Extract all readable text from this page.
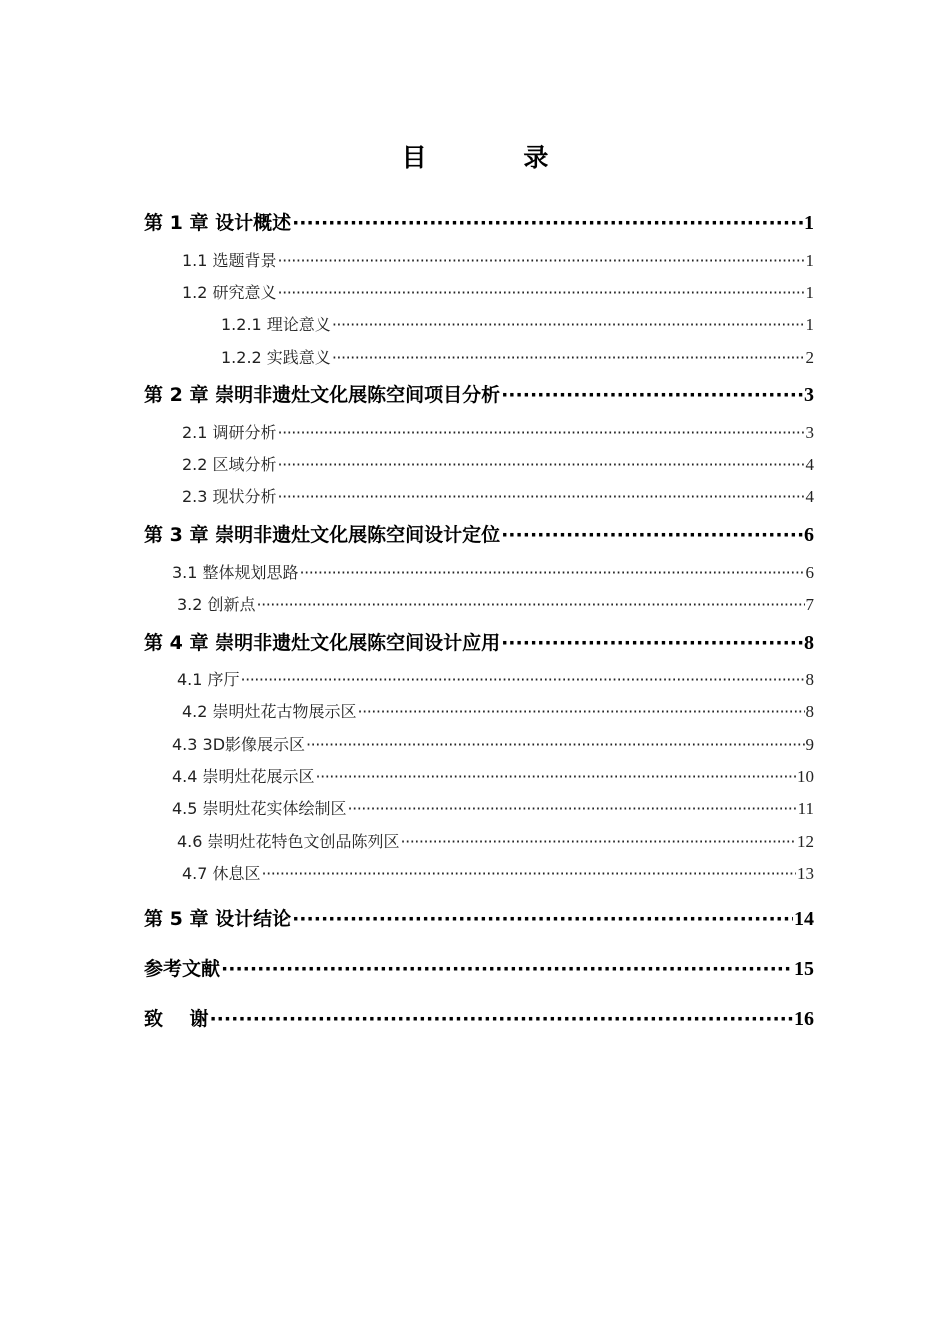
目 录
第 1 章 设计概述 ·····	1
1.1 选题背景 ·····	1
1.2 研究意义 ·····	1
1.2.1 理论意义 ·····	1
1.2.2 实践意义 ·····	2
第 2 章 崇明非遗灶文化展陈空间项目分析 ·····	3
2.1 调研分析 ·····	3
2.2 区域分析 ·····	4
2.3 现状分析 ·····	4
第 3 章 崇明非遗灶文化展陈空间设计定位 ·····	6
3.1 整体规划思路 ·····	6
3.2 创新点 ·····	7
第 4 章 崇明非遗灶文化展陈空间设计应用 ·····	8
4.1 序厅 ·····	8
4.2 崇明灶花古物展示区 ·····	8
4.3 3D影像展示区 ·····	9
4.4 崇明灶花展示区 ·····	10
4.5 崇明灶花实体绘制区 ·····	11
4.6 崇明灶花特色文创品陈列区 ·····	12
4.7 休息区 ·····	13
第 5 章 设计结论 ·····	14
参考文献 ·····	15
致    谢 ·····	16
